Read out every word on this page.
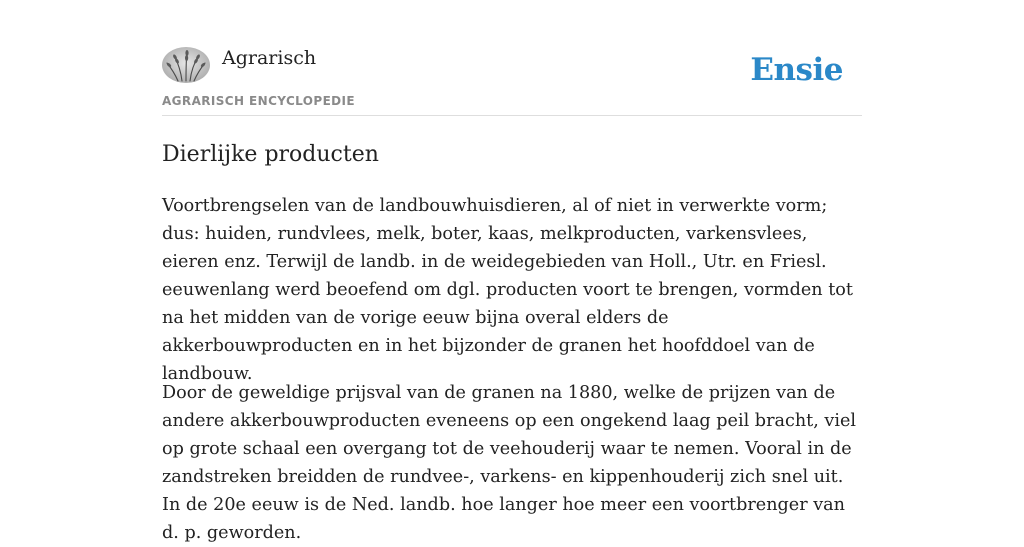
Agrarisch
AGRARISCH ENCYCLOPEDIE
Ensie
Dierlijke producten

Voortbrengselen van de landbouwhuisdieren, al of niet in verwerkte vorm; dus: huiden, rundvlees, melk, boter, kaas, melkproducten, varkensvlees, eieren enz. Terwijl de landb. in de weidegebieden van Holl., Utr. en Friesl. eeuwenlang werd beoefend om dgl. producten voort te brengen, vormden tot na het midden van de vorige eeuw bijna overal elders de akkerbouwproducten en in het bijzonder de granen het hoofddoel van de landbouw.

Door de geweldige prijsval van de granen na 1880, welke de prijzen van de andere akkerbouwproducten eveneens op een ongekend laag peil bracht, viel op grote schaal een overgang tot de veehouderij waar te nemen. Vooral in de zandstreken breidden de rundvee-, varkens- en kippenhouderij zich snel uit. In de 20e eeuw is de Ned. landb. hoe langer hoe meer een voortbrenger van d. p. geworden.
